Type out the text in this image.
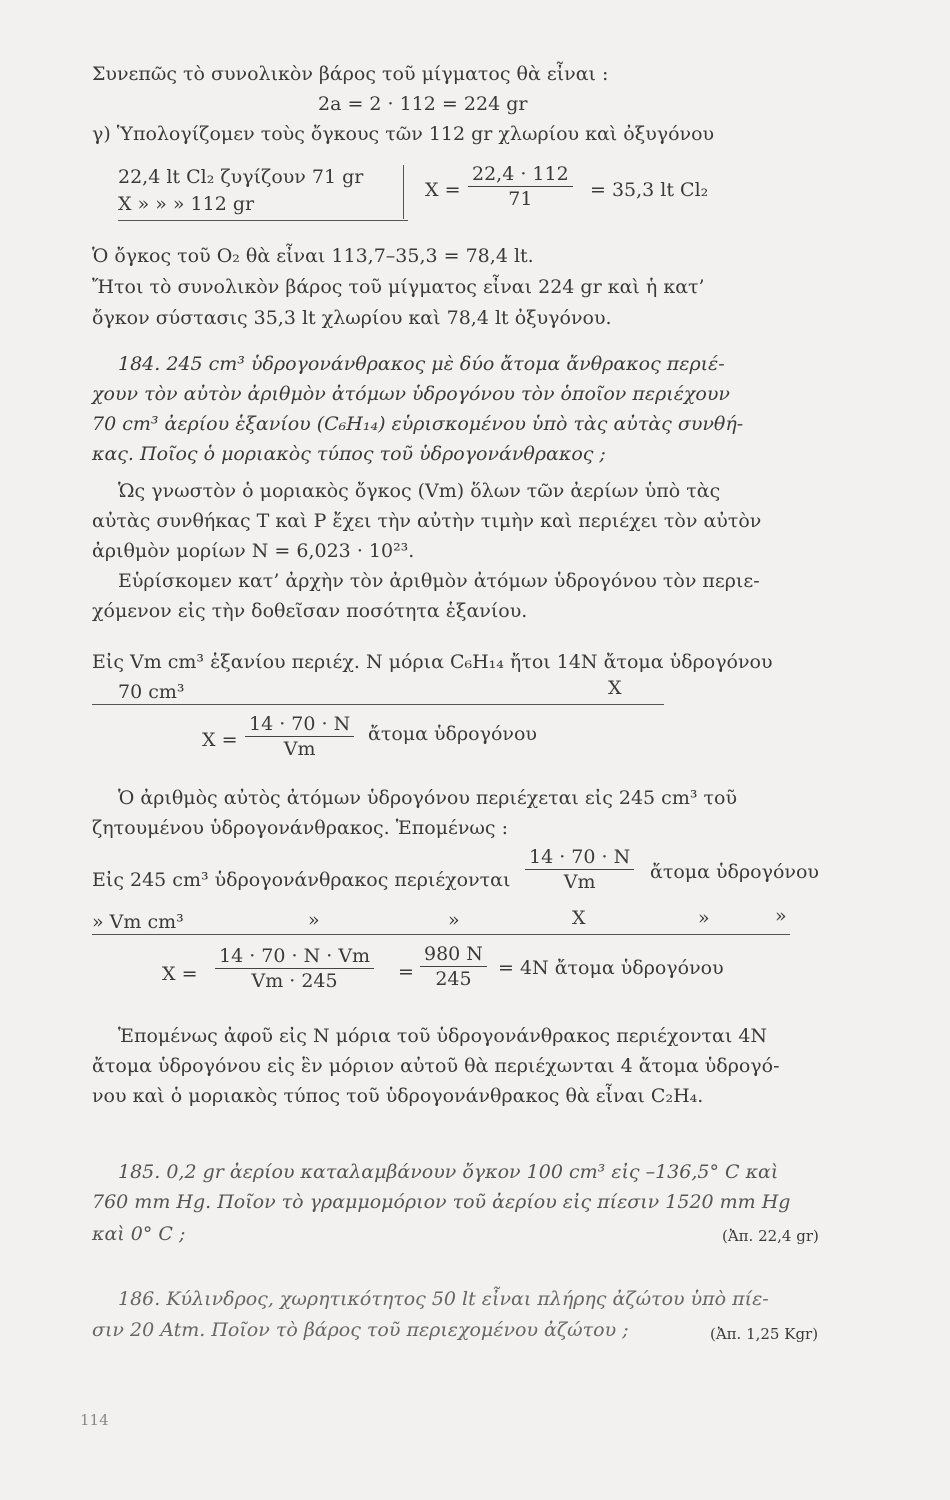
Συνεπῶς τὸ συνολικὸν βάρος τοῦ μίγματος θὰ εἶναι :
2a = 2 · 112 = 224 gr
γ) Ὑπολογίζομεν τοὺς ὄγκους τῶν 112 gr χλωρίου καὶ ὀξυγόνου
22,4 lt Cl₂ ζυγίζουν 71 gr
X » » » 112 gr
$X = \frac{22,4 \cdot 112}{71} = 35,3$ lt Cl₂
Ὁ ὄγκος τοῦ O₂ θὰ εἶναι 113,7–35,3 = 78,4 lt.
Ἤτοι τὸ συνολικὸν βάρος τοῦ μίγματος εἶναι 224 gr καὶ ἡ κατ’
ὄγκον σύστασις 35,3 lt χλωρίου καὶ 78,4 lt ὀξυγόνου.
184. 245 cm³ ὑδρογονάνθρακος μὲ δύο ἄτομα ἄνθρακος περιέ-
χουν τὸν αὐτὸν ἀριθμὸν ἀτόμων ὑδρογόνου τὸν ὁποῖον περιέχουν
70 cm³ ἀερίου ἑξανίου (C₆H₁₄) εὑρισκομένου ὑπὸ τὰς αὐτὰς συνθή-
κας. Ποῖος ὁ μοριακὸς τύπος τοῦ ὑδρογονάνθρακος ;
Ὡς γνωστὸν ὁ μοριακὸς ὄγκος (Vm) ὅλων τῶν ἀερίων ὑπὸ τὰς
αὐτὰς συνθήκας T καὶ P ἔχει τὴν αὐτὴν τιμὴν καὶ περιέχει τὸν αὐτὸν
ἀριθμὸν μορίων N = 6,023 · 10²³.
Εὑρίσκομεν κατ’ ἀρχὴν τὸν ἀριθμὸν ἀτόμων ὑδρογόνου τὸν περιε-
χόμενον εἰς τὴν δοθεῖσαν ποσότητα ἑξανίου.
Εἰς Vm cm³ ἑξανίου περιέχ. N μόρια C₆H₁₄ ἤτοι 14N ἄτομα ὑδρογόνου
70 cm³	X
$X = \frac{14 \cdot 70 \cdot N}{Vm}$ ἄτομα ὑδρογόνου
Ὁ ἀριθμὸς αὐτὸς ἀτόμων ὑδρογόνου περιέχεται εἰς 245 cm³ τοῦ
ζητουμένου ὑδρογονάνθρακος. Ἑπομένως :
Εἰς 245 cm³ ὑδρογονάνθρακος περιέχονται $\frac{14 \cdot 70 \cdot N}{Vm}$ ἄτομα ὑδρογόνου
» Vm cm³	»	»	X	»	»
$X = \frac{14 \cdot 70 \cdot N \cdot Vm}{Vm \cdot 245} = \frac{980 N}{245} = 4N$ ἄτομα ὑδρογόνου
Ἑπομένως ἀφοῦ εἰς N μόρια τοῦ ὑδρογονάνθρακος περιέχονται 4N
ἄτομα ὑδρογόνου εἰς ἓν μόριον αὐτοῦ θὰ περιέχωνται 4 ἄτομα ὑδρογό-
νου καὶ ὁ μοριακὸς τύπος τοῦ ὑδρογονάνθρακος θὰ εἶναι C₂H₄.
185. 0,2 gr ἀερίου καταλαμβάνουν ὄγκον 100 cm³ εἰς –136,5° C καὶ
760 mm Hg. Ποῖον τὸ γραμμομόριον τοῦ ἀερίου εἰς πίεσιν 1520 mm Hg
καὶ 0° C ;	(Ἀπ. 22,4 gr)
186. Κύλινδρος, χωρητικότητος 50 lt εἶναι πλήρης ἀζώτου ὑπὸ πίε-
σιν 20 Atm. Ποῖον τὸ βάρος τοῦ περιεχομένου ἀζώτου ;	(Ἀπ. 1,25 Kgr)
114
